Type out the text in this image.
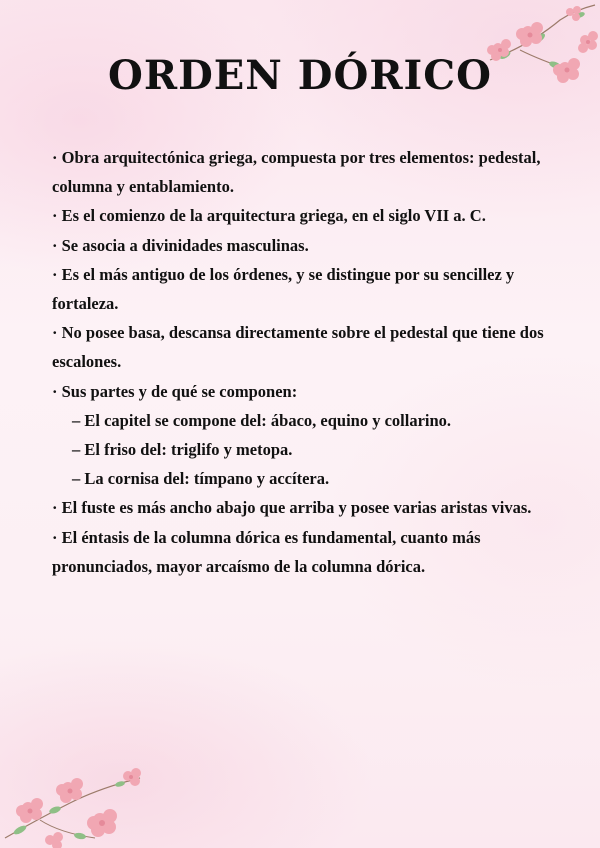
ORDEN DÓRICO

· Obra arquitectónica griega, compuesta por tres elementos: pedestal, columna y entablamiento.

· Es el comienzo de la arquitectura griega, en el siglo VII a. C.

· Se asocia a divinidades masculinas.

· Es el más antiguo de los órdenes, y se distingue por su sencillez y fortaleza.

· No posee basa, descansa directamente sobre el pedestal que tiene dos escalones.

· Sus partes y de qué se componen:

– El capitel se compone del: ábaco, equino y collarino.

– El friso del: triglifo y metopa.

– La cornisa del: tímpano y accítera.

· El fuste es más ancho abajo que arriba y posee varias aristas vivas.

· El éntasis de la columna dórica es fundamental, cuanto más pronunciados, mayor arcaísmo de la columna dórica.
